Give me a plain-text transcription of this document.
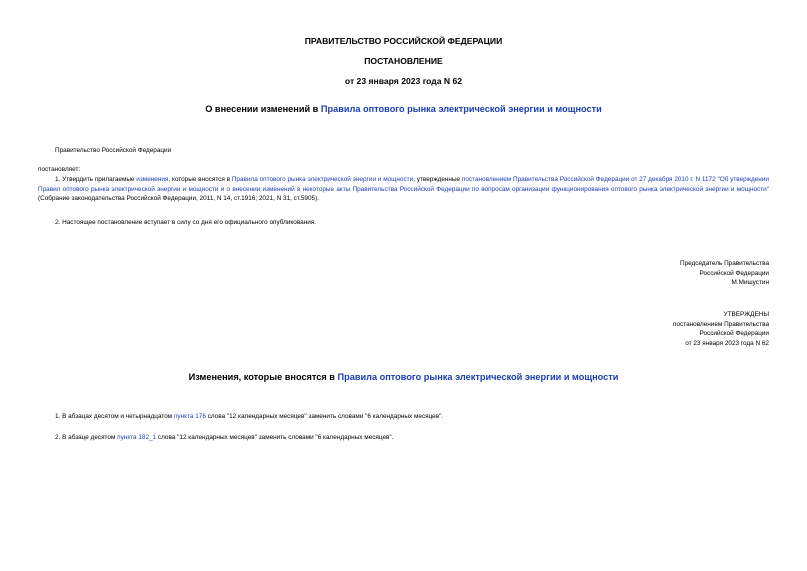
ПРАВИТЕЛЬСТВО РОССИЙСКОЙ ФЕДЕРАЦИИ
ПОСТАНОВЛЕНИЕ
от 23 января 2023 года N 62
О внесении изменений в Правила оптового рынка электрической энергии и мощности
Правительство Российской Федерации
постановляет:
1. Утвердить прилагаемые изменения, которые вносятся в Правила оптового рынка электрической энергии и мощности, утвержденные постановлением Правительства Российской Федерации от 27 декабря 2010 г. N 1172 "Об утверждении Правил оптового рынка электрической энергии и мощности и о внесении изменений в некоторые акты Правительства Российской Федерации по вопросам организации функционирования оптового рынка электрической энергии и мощности" (Собрание законодательства Российской Федерации, 2011, N 14, ст.1916; 2021, N 31, ст.5905).
2. Настоящее постановление вступает в силу со дня его официального опубликования.
Председатель Правительства
Российской Федерации
М.Мишустин
УТВЕРЖДЕНЫ
постановлением Правительства
Российской Федерации
от 23 января 2023 года N 62
Изменения, которые вносятся в Правила оптового рынка электрической энергии и мощности
1. В абзацах десятом и четырнадцатом пункта 176 слова "12 календарных месяцев" заменить словами "6 календарных месяцев".
2. В абзаце десятом пункта 182_1 слова "12 календарных месяцев" заменить словами "6 календарных месяцев".
